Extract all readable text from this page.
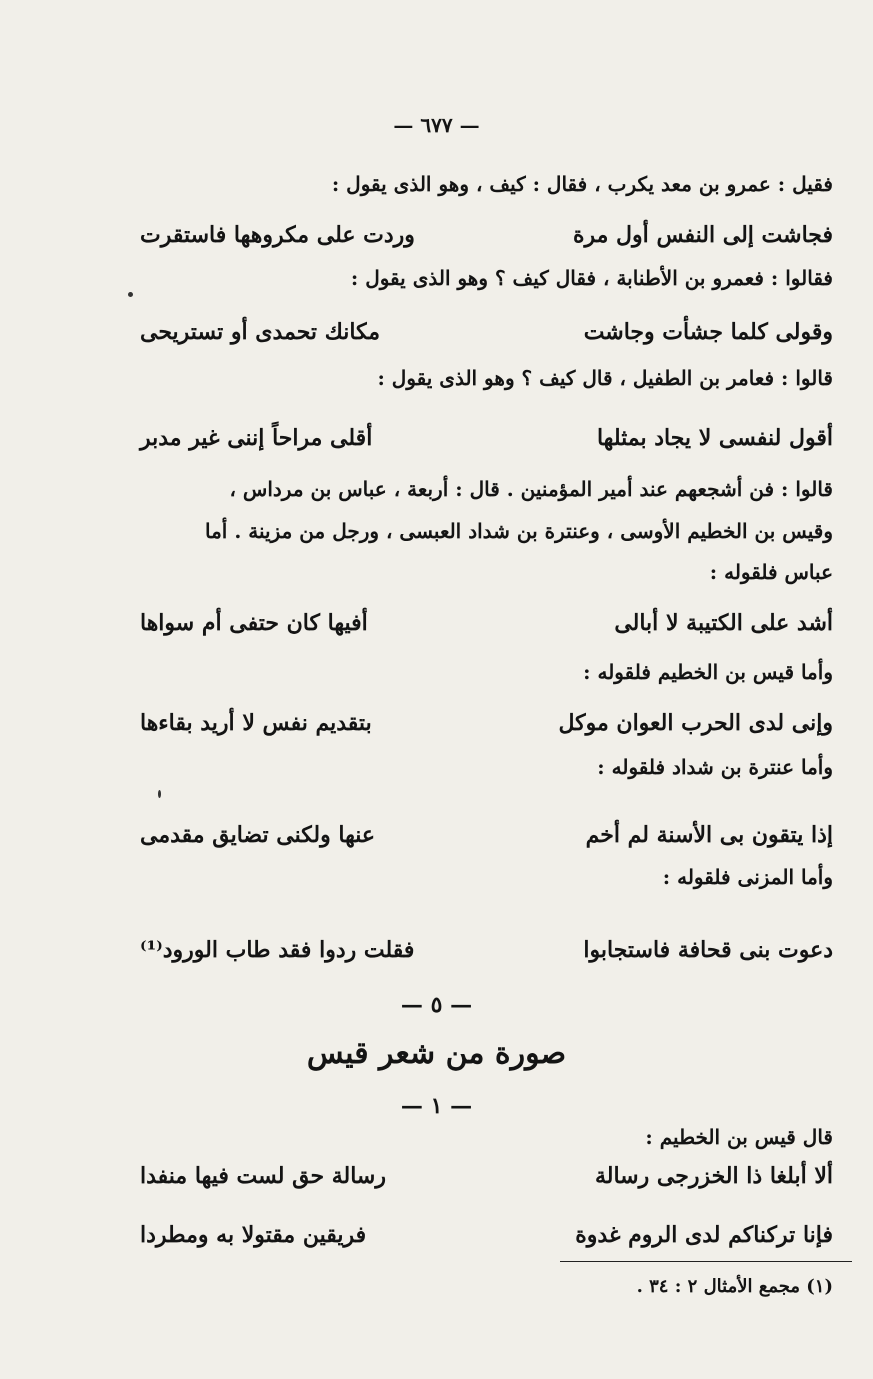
— ٦٧٧ —
فقيل : عمرو بن معد يكرب ، فقال : كيف ، وهو الذى يقول :
فجاشت إلى النفس أول مرة
وردت على مكروهها فاستقرت
فقالوا : فعمرو بن الأطنابة ، فقال كيف ؟ وهو الذى يقول :
وقولى كلما جشأت وجاشت
مكانك تحمدى أو تستريحى
قالوا : فعامر بن الطفيل ، قال كيف ؟ وهو الذى يقول :
أقول لنفسى لا يجاد بمثلها
أقلى مراحاً إننى غير مدبر
قالوا : فن أشجعهم عند أمير المؤمنين . قال : أربعة ، عباس بن مرداس ،
وقيس بن الخطيم الأوسى ، وعنترة بن شداد العبسى ، ورجل من مزينة . أما
عباس فلقوله :
أشد على الكتيبة لا أبالى
أفيها كان حتفى أم سواها
وأما قيس بن الخطيم فلقوله :
وإنى لدى الحرب العوان موكل
بتقديم نفس لا أريد بقاءها
وأما عنترة بن شداد فلقوله :
إذا يتقون بى الأسنة لم أخم
عنها ولكنى تضايق مقدمى
وأما المزنى فلقوله :
دعوت بنى قحافة فاستجابوا
فقلت ردوا فقد طاب الورود⁽¹⁾
— ٥ —
صورة من شعر قيس
— ١ —
قال قيس بن الخطيم :
ألا أبلغا ذا الخزرجى رسالة
رسالة حق لست فيها منفدا
فإنا تركناكم لدى الروم غدوة
فريقين مقتولا به ومطردا
(١) مجمع الأمثال ٢ : ٣٤ .
